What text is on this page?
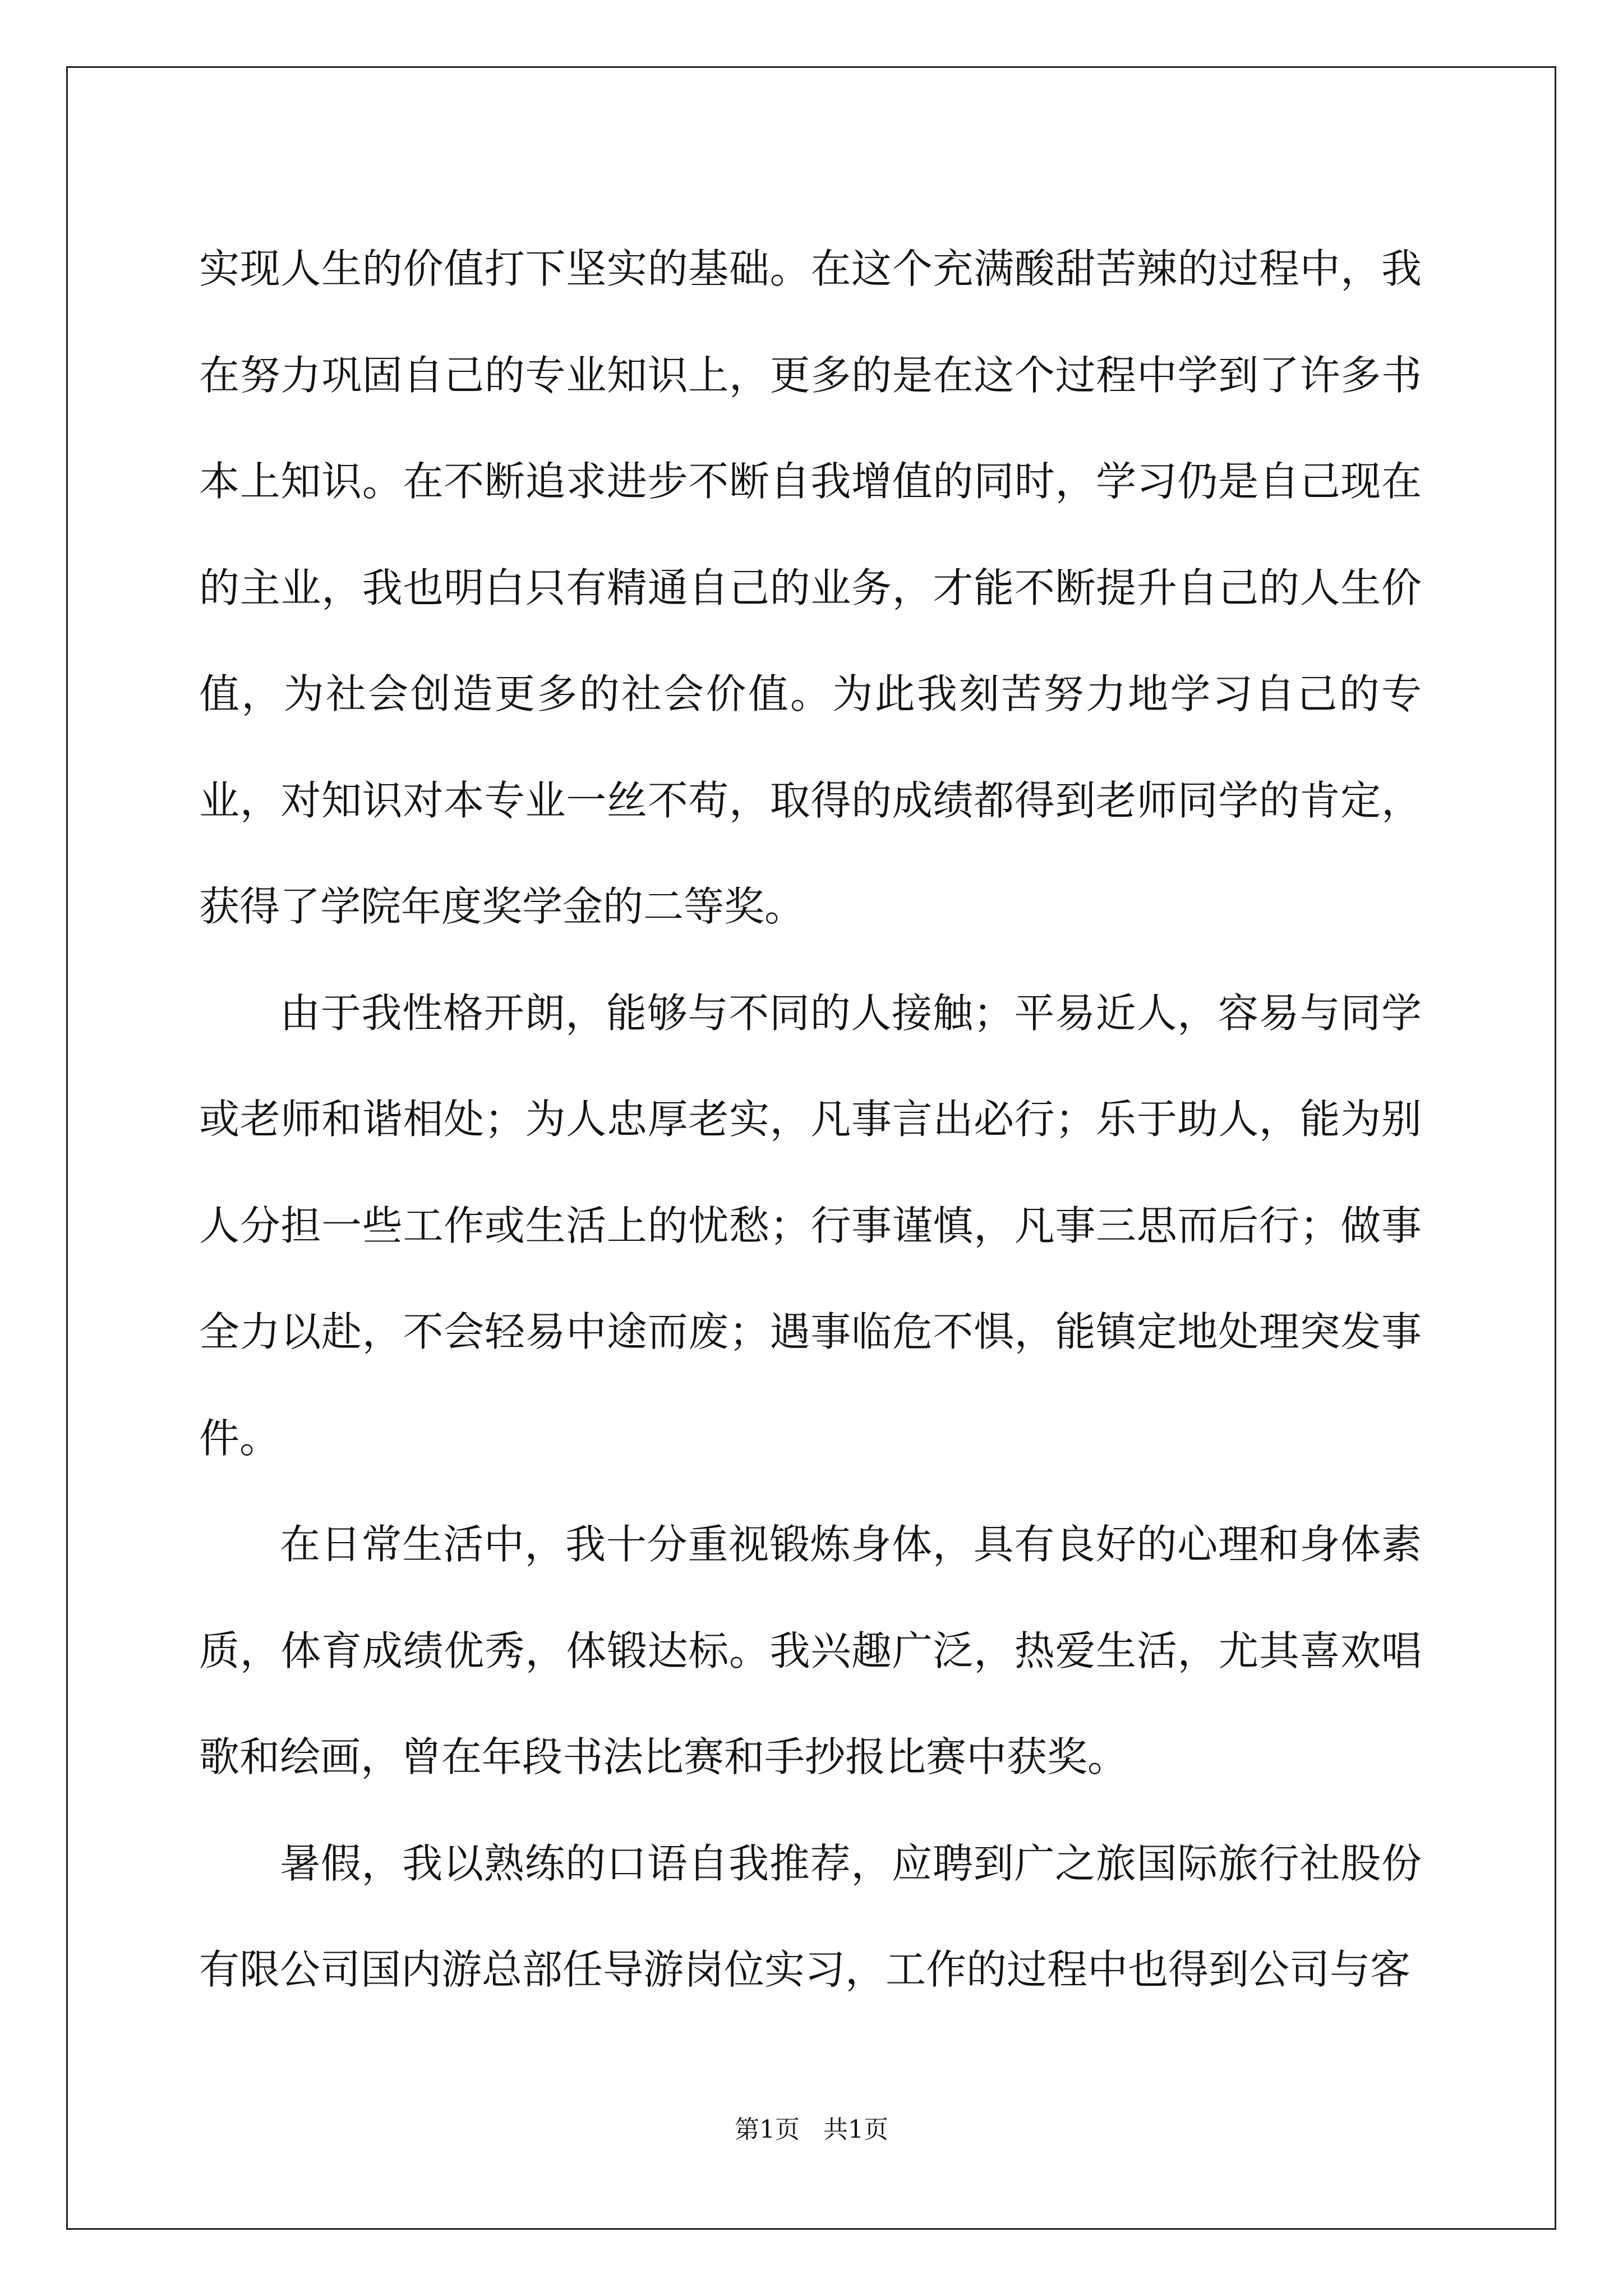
实现人生的价值打下坚实的基础。在这个充满酸甜苦辣的过程中，我在努力巩固自己的专业知识上，更多的是在这个过程中学到了许多书本上知识。在不断追求进步不断自我增值的同时，学习仍是自己现在的主业，我也明白只有精通自己的业务，才能不断提升自己的人生价值，为社会创造更多的社会价值。为此我刻苦努力地学习自己的专业，对知识对本专业一丝不苟，取得的成绩都得到老师同学的肯定，获得了学院年度奖学金的二等奖。

由于我性格开朗，能够与不同的人接触；平易近人，容易与同学或老师和谐相处；为人忠厚老实，凡事言出必行；乐于助人，能为别人分担一些工作或生活上的忧愁；行事谨慎，凡事三思而后行；做事全力以赴，不会轻易中途而废；遇事临危不惧，能镇定地处理突发事件。

在日常生活中，我十分重视锻炼身体，具有良好的心理和身体素质，体育成绩优秀，体锻达标。我兴趣广泛，热爱生活，尤其喜欢唱歌和绘画，曾在年段书法比赛和手抄报比赛中获奖。

暑假，我以熟练的口语自我推荐，应聘到广之旅国际旅行社股份有限公司国内游总部任导游岗位实习，工作的过程中也得到公司与客

第1页   共1页
